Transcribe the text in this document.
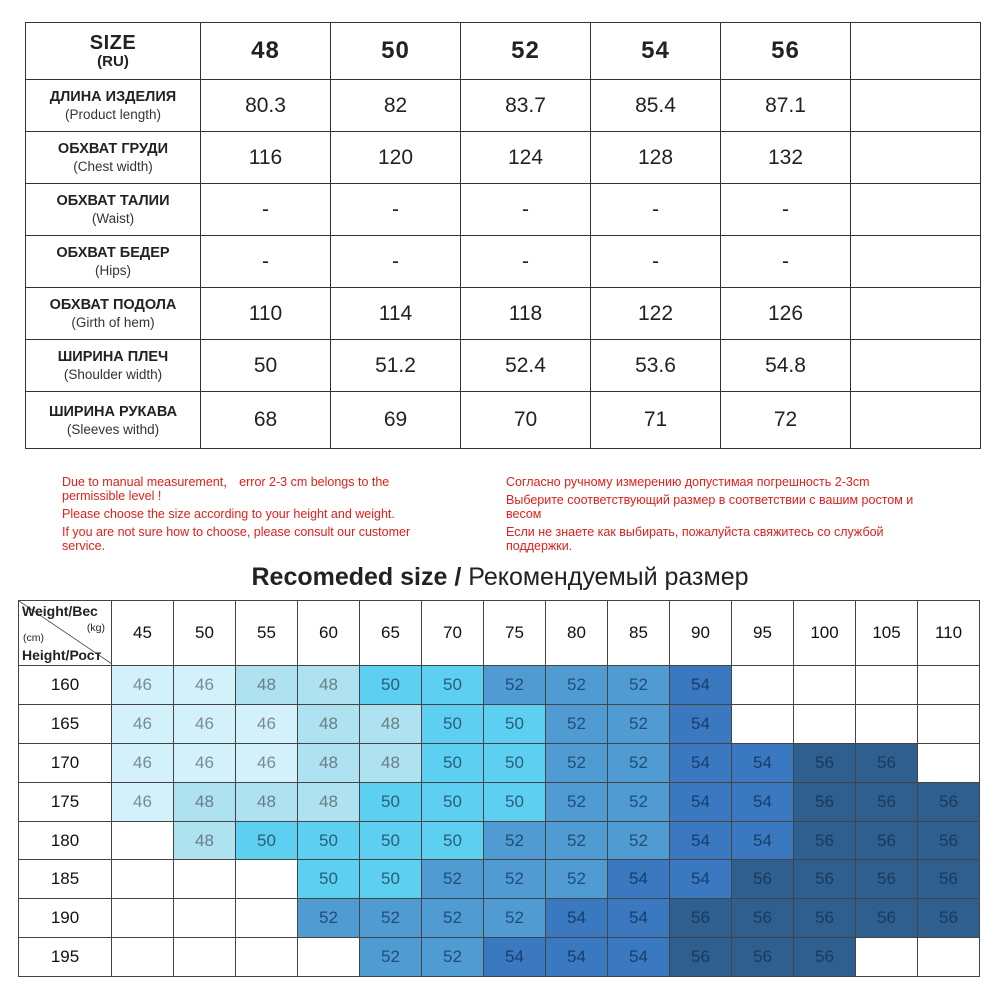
SIZE
(RU)	48	50	52	54	56	

ДЛИНА ИЗДЕЛИЯ
(Product length)	80.3	82	83.7	85.4	87.1	

ОБХВАТ ГРУДИ
(Chest width)	116	120	124	128	132	

ОБХВАТ ТАЛИИ
(Waist)	-	-	-	-	-	

ОБХВАТ БЕДЕР
(Hips)	-	-	-	-	-	

ОБХВАТ ПОДОЛА
(Girth of hem)	110	114	118	122	126	

ШИРИНА ПЛЕЧ
(Shoulder width)	50	51.2	52.4	53.6	54.8	

ШИРИНА РУКАВА
(Sleeves withd)	68	69	70	71	72	

Due to manual measurement， error 2-3 cm belongs to the permissible level !

Please choose the size according to your height and weight.

If you are not sure how to choose, please consult our customer service.

Согласно ручному измерению допустимая погрешность 2-3cm

Выберите соответствующий размер в соответствии с вашим ростом и весом

Если не знаете как выбирать, пожалуйста свяжитесь со службой поддержки.

Recomeded size / Рекомендуемый размер
Weight/Вес
(kg)
(cm)
Height/Рост	45	50	55	60	65	70	75	80	85	90	95	100	105	110
160	46	46	48	48	50	50	52	52	52	54				
165	46	46	46	48	48	50	50	52	52	54				
170	46	46	46	48	48	50	50	52	52	54	54	56	56	
175	46	48	48	48	50	50	50	52	52	54	54	56	56	56
180		48	50	50	50	50	52	52	52	54	54	56	56	56
185				50	50	52	52	52	54	54	56	56	56	56
190				52	52	52	52	54	54	56	56	56	56	56
195					52	52	54	54	54	56	56	56		
